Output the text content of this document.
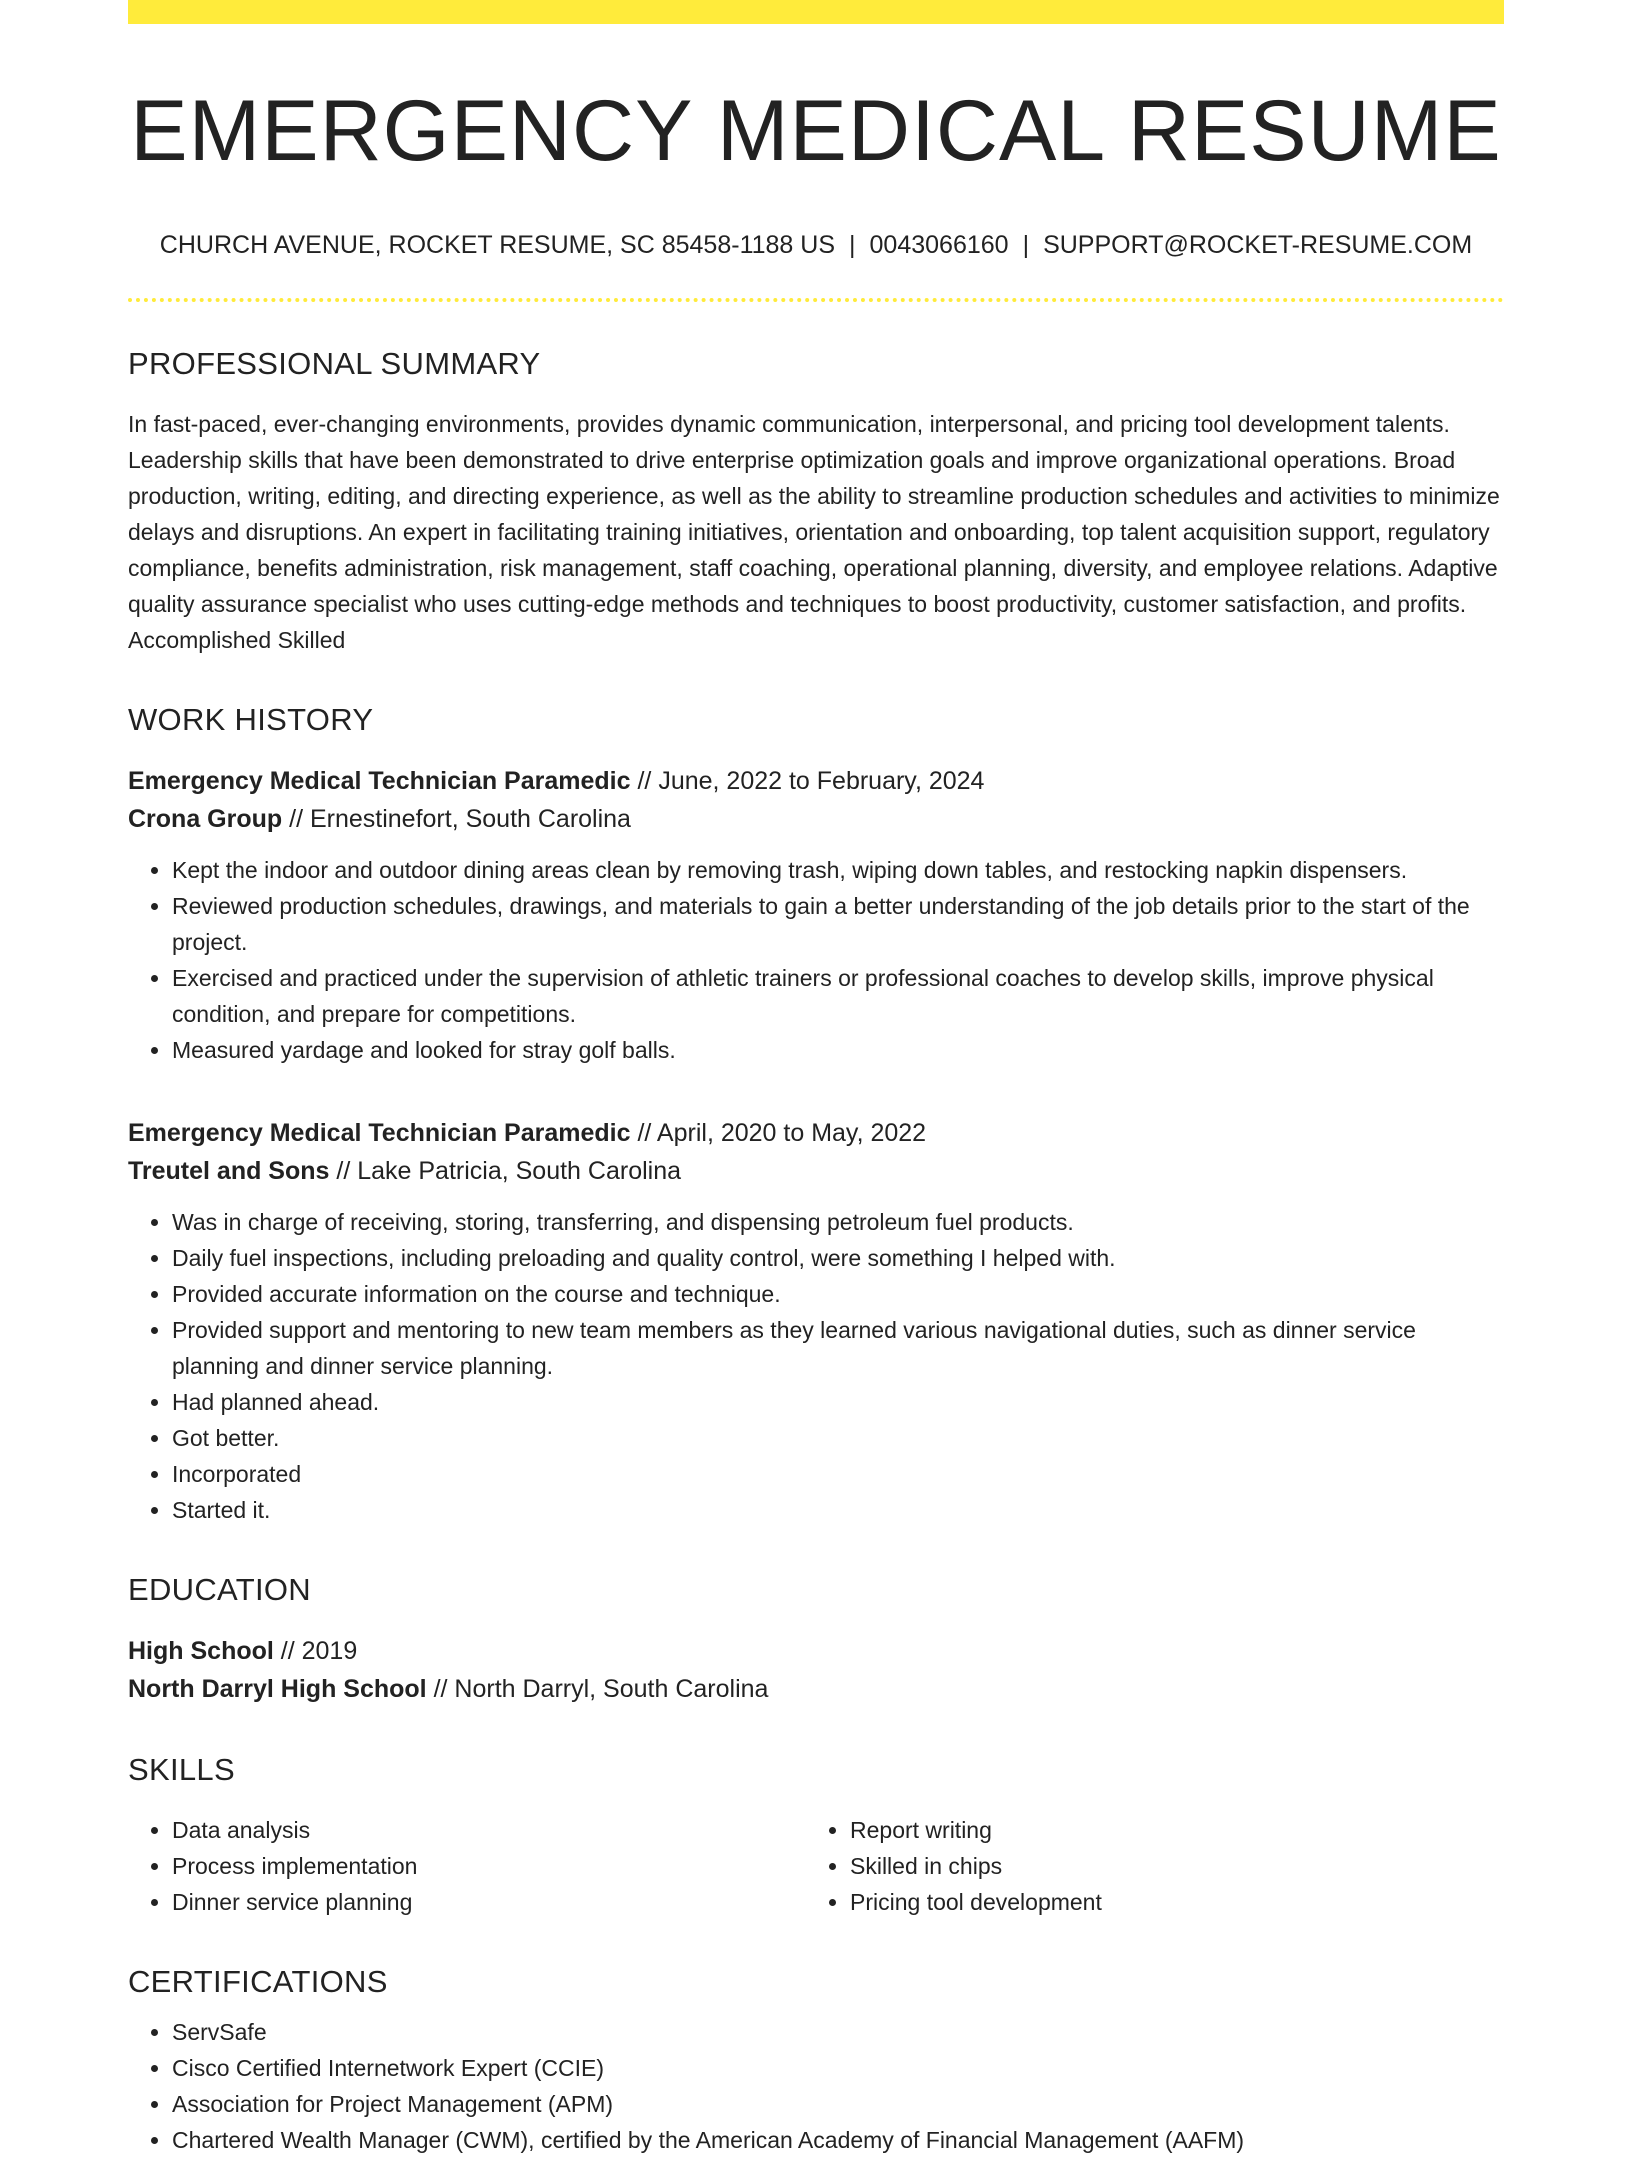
EMERGENCY MEDICAL RESUME
CHURCH AVENUE, ROCKET RESUME, SC 85458-1188 US | 0043066160 | SUPPORT@ROCKET-RESUME.COM
PROFESSIONAL SUMMARY
In fast-paced, ever-changing environments, provides dynamic communication, interpersonal, and pricing tool development talents. Leadership skills that have been demonstrated to drive enterprise optimization goals and improve organizational operations. Broad production, writing, editing, and directing experience, as well as the ability to streamline production schedules and activities to minimize delays and disruptions. An expert in facilitating training initiatives, orientation and onboarding, top talent acquisition support, regulatory compliance, benefits administration, risk management, staff coaching, operational planning, diversity, and employee relations. Adaptive quality assurance specialist who uses cutting-edge methods and techniques to boost productivity, customer satisfaction, and profits. Accomplished Skilled
WORK HISTORY
Emergency Medical Technician Paramedic // June, 2022 to February, 2024
Crona Group // Ernestinefort, South Carolina
• Kept the indoor and outdoor dining areas clean by removing trash, wiping down tables, and restocking napkin dispensers.
• Reviewed production schedules, drawings, and materials to gain a better understanding of the job details prior to the start of the project.
• Exercised and practiced under the supervision of athletic trainers or professional coaches to develop skills, improve physical condition, and prepare for competitions.
• Measured yardage and looked for stray golf balls.
Emergency Medical Technician Paramedic // April, 2020 to May, 2022
Treutel and Sons // Lake Patricia, South Carolina
• Was in charge of receiving, storing, transferring, and dispensing petroleum fuel products.
• Daily fuel inspections, including preloading and quality control, were something I helped with.
• Provided accurate information on the course and technique.
• Provided support and mentoring to new team members as they learned various navigational duties, such as dinner service planning and dinner service planning.
• Had planned ahead.
• Got better.
• Incorporated
• Started it.
EDUCATION
High School // 2019
North Darryl High School // North Darryl, South Carolina
SKILLS
• Data analysis
• Process implementation
• Dinner service planning
• Report writing
• Skilled in chips
• Pricing tool development
CERTIFICATIONS
• ServSafe
• Cisco Certified Internetwork Expert (CCIE)
• Association for Project Management (APM)
• Chartered Wealth Manager (CWM), certified by the American Academy of Financial Management (AAFM)
